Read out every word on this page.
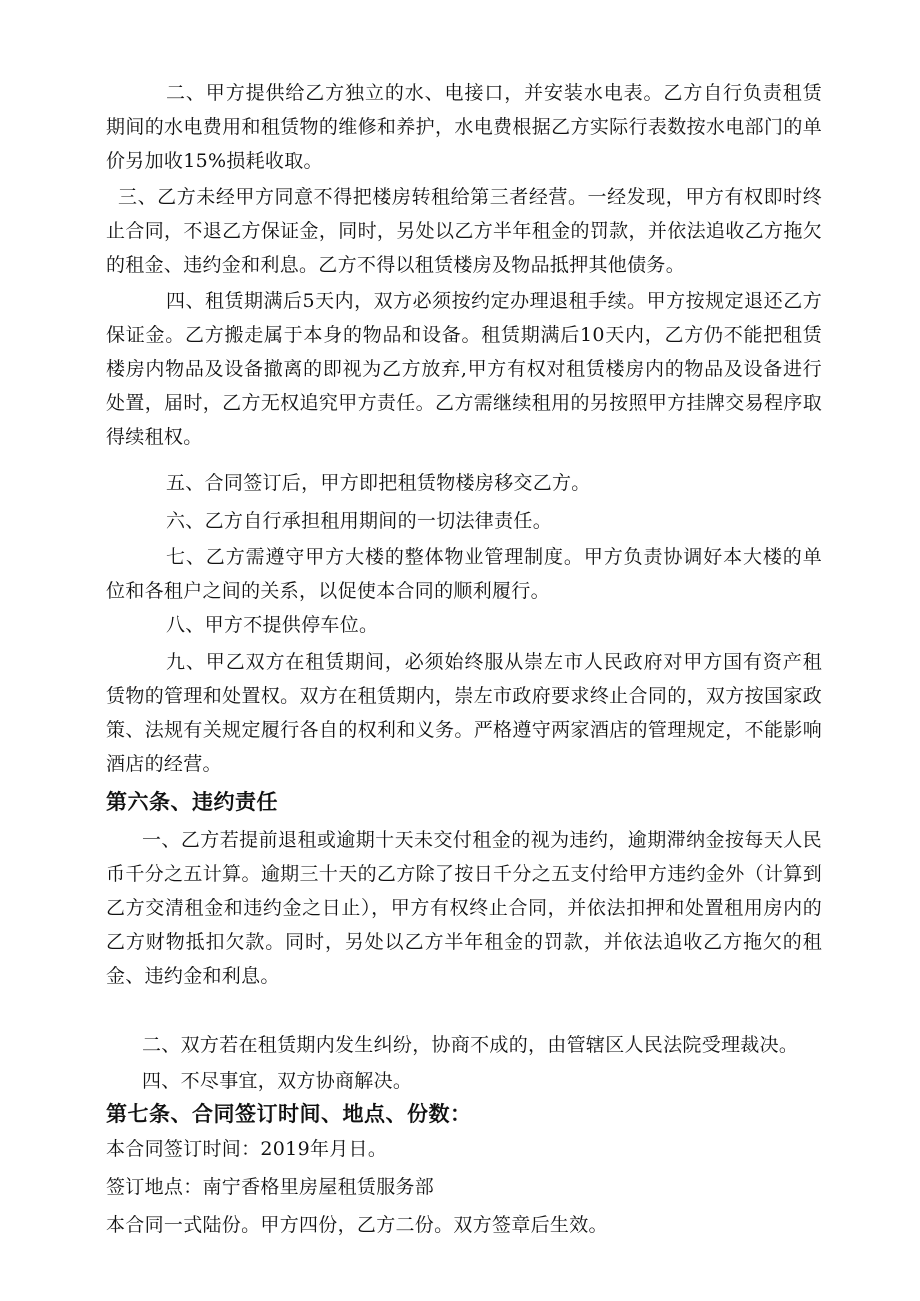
二、甲方提供给乙方独立的水、电接口，并安装水电表。乙方自行负责租赁期间的水电费用和租赁物的维修和养护，水电费根据乙方实际行表数按水电部门的单价另加收15%损耗收取。

三、乙方未经甲方同意不得把楼房转租给第三者经营。一经发现，甲方有权即时终止合同，不退乙方保证金，同时，另处以乙方半年租金的罚款，并依法追收乙方拖欠的租金、违约金和利息。乙方不得以租赁楼房及物品抵押其他债务。

四、租赁期满后5天内，双方必须按约定办理退租手续。甲方按规定退还乙方保证金。乙方搬走属于本身的物品和设备。租赁期满后10天内，乙方仍不能把租赁楼房内物品及设备撤离的即视为乙方放弃,甲方有权对租赁楼房内的物品及设备进行处置，届时，乙方无权追究甲方责任。乙方需继续租用的另按照甲方挂牌交易程序取得续租权。

五、合同签订后，甲方即把租赁物楼房移交乙方。

六、乙方自行承担租用期间的一切法律责任。

七、乙方需遵守甲方大楼的整体物业管理制度。甲方负责协调好本大楼的单位和各租户之间的关系，以促使本合同的顺利履行。

八、甲方不提供停车位。

九、甲乙双方在租赁期间，必须始终服从崇左市人民政府对甲方国有资产租赁物的管理和处置权。双方在租赁期内，崇左市政府要求终止合同的，双方按国家政策、法规有关规定履行各自的权利和义务。严格遵守两家酒店的管理规定，不能影响酒店的经营。

第六条、违约责任

一、乙方若提前退租或逾期十天未交付租金的视为违约，逾期滞纳金按每天人民币千分之五计算。逾期三十天的乙方除了按日千分之五支付给甲方违约金外（计算到乙方交清租金和违约金之日止），甲方有权终止合同，并依法扣押和处置租用房内的乙方财物抵扣欠款。同时，另处以乙方半年租金的罚款，并依法追收乙方拖欠的租金、违约金和利息。

二、双方若在租赁期内发生纠纷，协商不成的，由管辖区人民法院受理裁决。

四、不尽事宜，双方协商解决。

第七条、合同签订时间、地点、份数：

本合同签订时间：2019年月日。

签订地点：南宁香格里房屋租赁服务部

本合同一式陆份。甲方四份，乙方二份。双方签章后生效。
